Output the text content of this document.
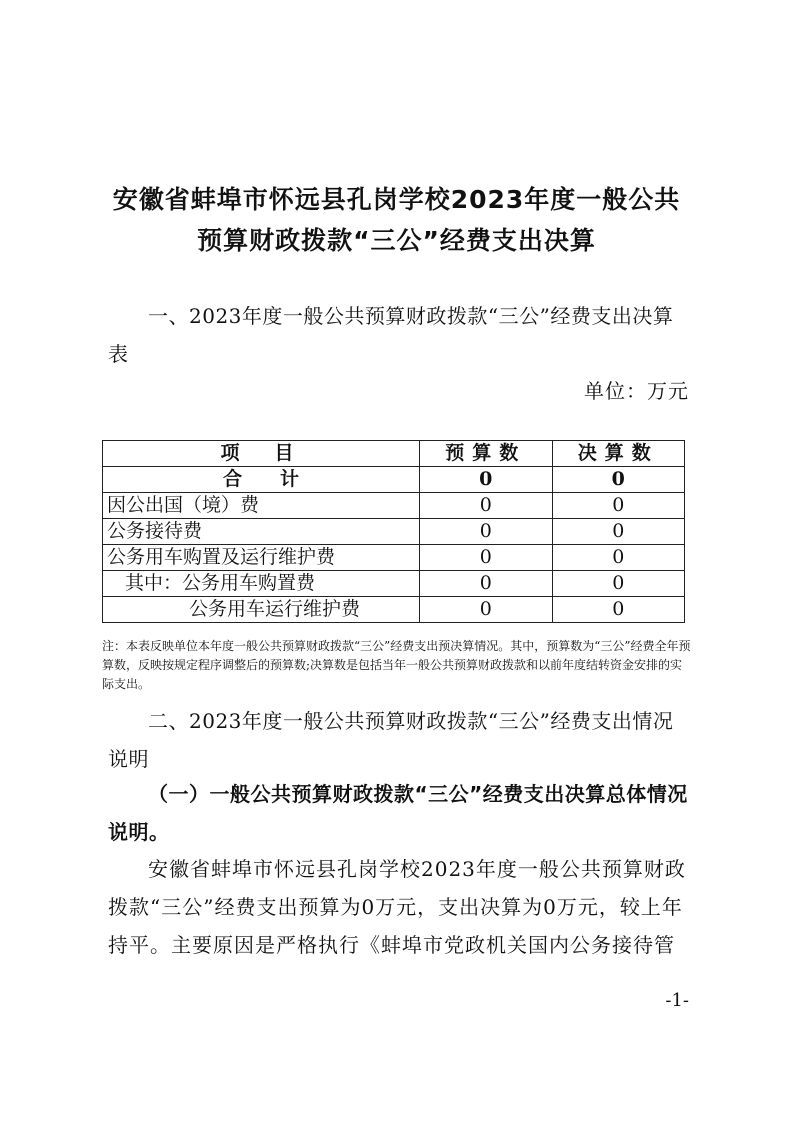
安徽省蚌埠市怀远县孔岗学校2023年度一般公共
预算财政拨款“三公”经费支出决算
一、2023年度一般公共预算财政拨款“三公”经费支出决算表
单位：万元
项　目	预算数	决算数
合　　计	0	0
因公出国（境）费	0	0
公务接待费	0	0
公务用车购置及运行维护费	0	0
其中：公务用车购置费	0	0
公务用车运行维护费	0	0
注：本表反映单位本年度一般公共预算财政拨款“三公”经费支出预决算情况。其中，预算数为“三公”经费全年预算数，反映按规定程序调整后的预算数;决算数是包括当年一般公共预算财政拨款和以前年度结转资金安排的实际支出。
二、2023年度一般公共预算财政拨款“三公”经费支出情况说明
（一）一般公共预算财政拨款“三公”经费支出决算总体情况说明。
安徽省蚌埠市怀远县孔岗学校2023年度一般公共预算财政拨款“三公”经费支出预算为0万元，支出决算为0万元，较上年持平。主要原因是严格执行《蚌埠市党政机关国内公务接待管
-1-
